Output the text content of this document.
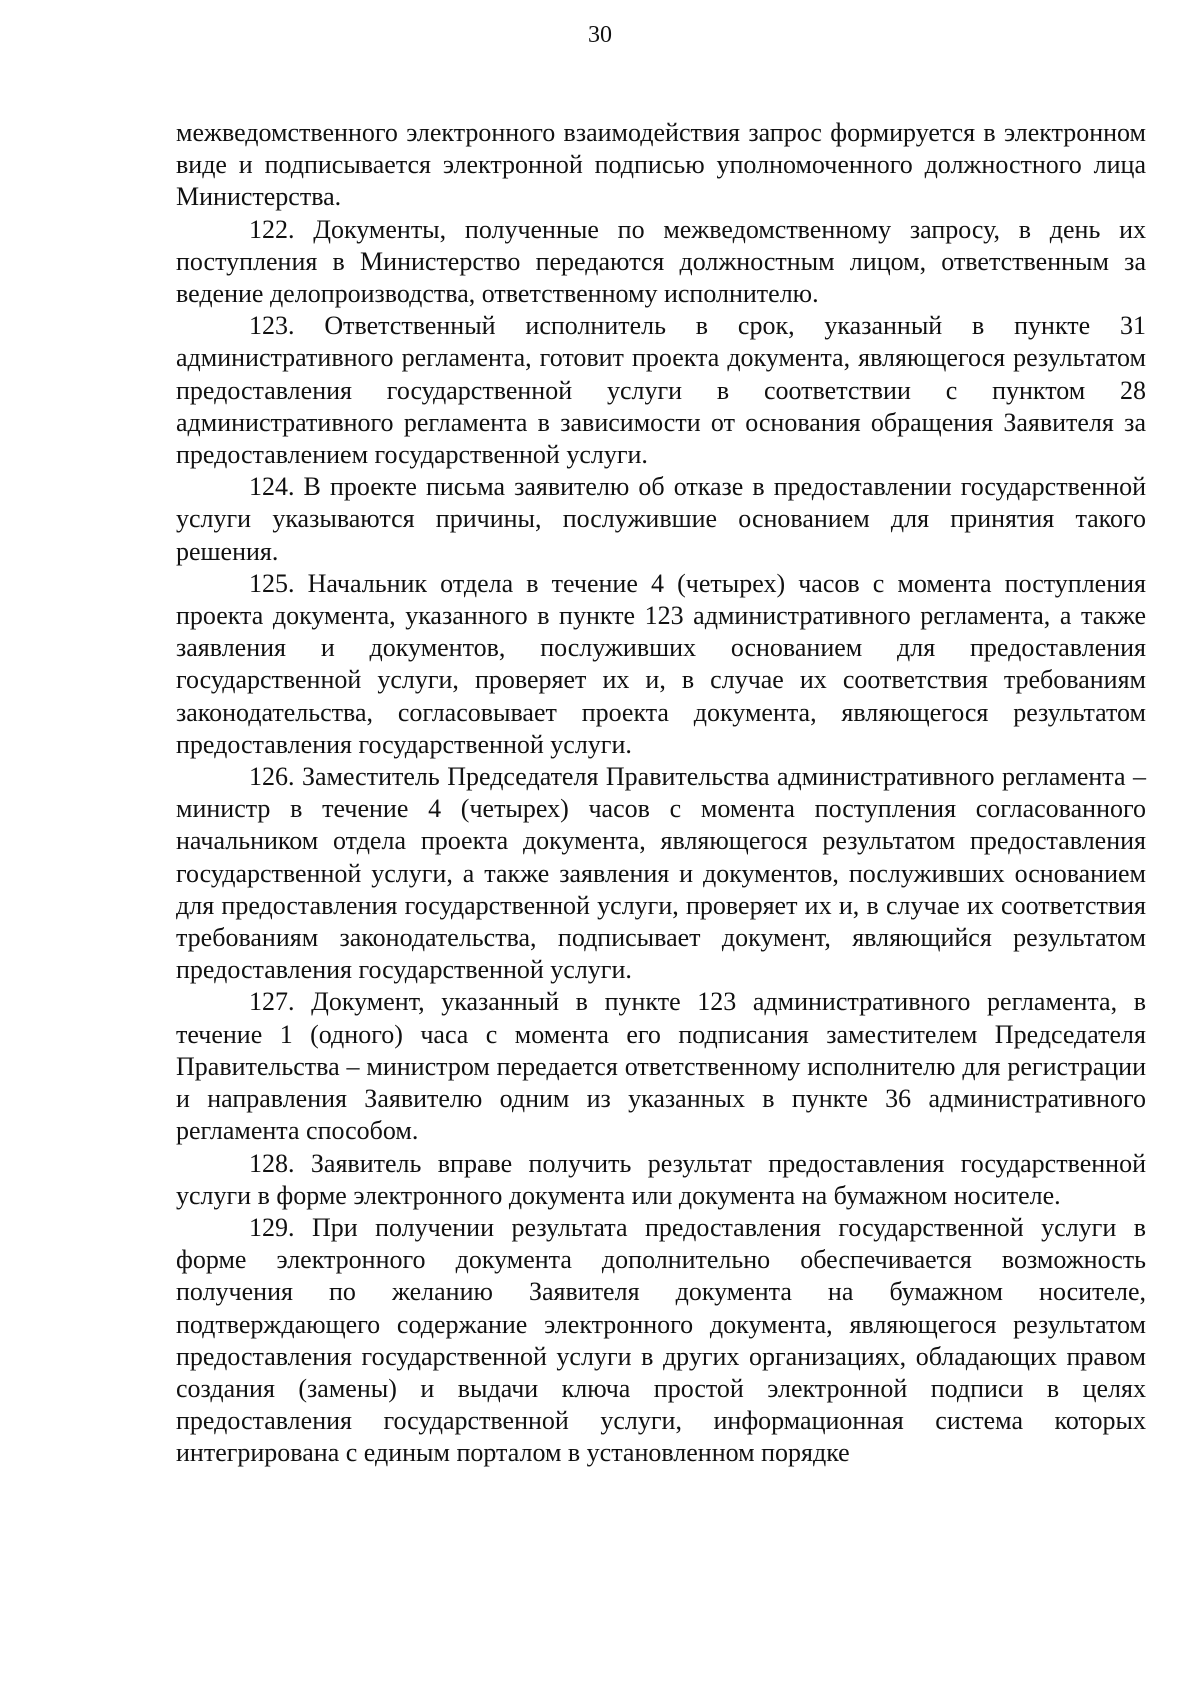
30

межведомственного электронного взаимодействия запрос формируется в электронном виде и подписывается электронной подписью уполномоченного должностного лица Министерства.

122. Документы, полученные по межведомственному запросу, в день их поступления в Министерство передаются должностным лицом, ответственным за ведение делопроизводства, ответственному исполнителю.

123. Ответственный исполнитель в срок, указанный в пункте 31 административного регламента, готовит проекта документа, являющегося результатом предоставления государственной услуги в соответствии с пунктом 28 административного регламента в зависимости от основания обращения Заявителя за предоставлением государственной услуги.

124. В проекте письма заявителю об отказе в предоставлении государственной услуги указываются причины, послужившие основанием для принятия такого решения.

125. Начальник отдела в течение 4 (четырех) часов с момента поступления проекта документа, указанного в пункте 123 административного регламента, а также заявления и документов, послуживших основанием для предоставления государственной услуги, проверяет их и, в случае их соответствия требованиям законодательства, согласовывает проекта документа, являющегося результатом предоставления государственной услуги.

126. Заместитель Председателя Правительства административного регламента – министр в течение 4 (четырех) часов с момента поступления согласованного начальником отдела проекта документа, являющегося результатом предоставления государственной услуги, а также заявления и документов, послуживших основанием для предоставления государственной услуги, проверяет их и, в случае их соответствия требованиям законодательства, подписывает документ, являющийся результатом предоставления государственной услуги.

127. Документ, указанный в пункте 123 административного регламента, в течение 1 (одного) часа с момента его подписания заместителем Председателя Правительства – министром передается ответственному исполнителю для регистрации и направления Заявителю одним из указанных в пункте 36 административного регламента способом.

128. Заявитель вправе получить результат предоставления государственной услуги в форме электронного документа или документа на бумажном носителе.

129. При получении результата предоставления государственной услуги в форме электронного документа дополнительно обеспечивается возможность получения по желанию Заявителя документа на бумажном носителе, подтверждающего содержание электронного документа, являющегося результатом предоставления государственной услуги в других организациях, обладающих правом создания (замены) и выдачи ключа простой электронной подписи в целях предоставления государственной услуги, информационная система которых интегрирована с единым порталом в установленном порядке
